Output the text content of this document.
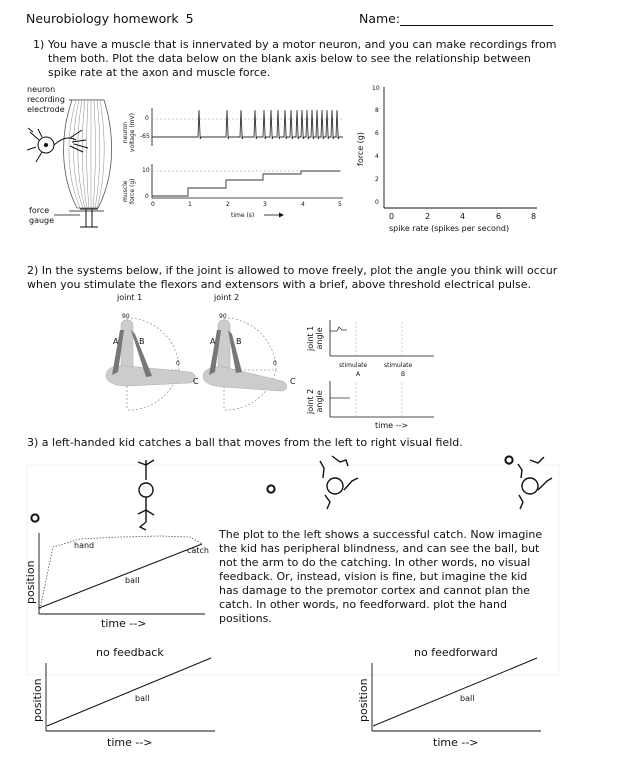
Neurobiology homework 5	Name:
1) You have a muscle that is innervated by a motor neuron, and you can make recordings from
them both. Plot the data below on the blank axis below to see the relationship between
spike rate at the axon and muscle force.
neuron
recording
electrode
force
gauge
neuron voltage (mV) 0
-65
muscle force (g)
10
0
0	1	2	3	4	5
time (s)
10
8
6
4
2
0
force (g)
0	2	4	6	8
spike rate (spikes per second)
2) In the systems below, if the joint is allowed to move freely, plot the angle you think will occur
when you stimulate the flexors and extensors with a brief, above threshold electrical pulse.
joint 1	joint 2
90
0
A	B
C
90
0
A	B
C
joint 1 angle
joint 2 angle
stimulate	stimulate
A	B
time -->
3) a left-handed kid catches a ball that moves from the left to right visual field.
position
time -->
hand
ball
catch
The plot to the left shows a successful catch. Now imagine
the kid has peripheral blindness, and can see the ball, but
not the arm to do the catching. In other words, no visual
feedback. Or, instead, vision is fine, but imagine the kid
has damage to the premotor cortex and cannot plan the
catch. In other words, no feedforward. plot the hand
positions.
no feedback
position	ball
time -->
no feedforward
position	ball
time -->
